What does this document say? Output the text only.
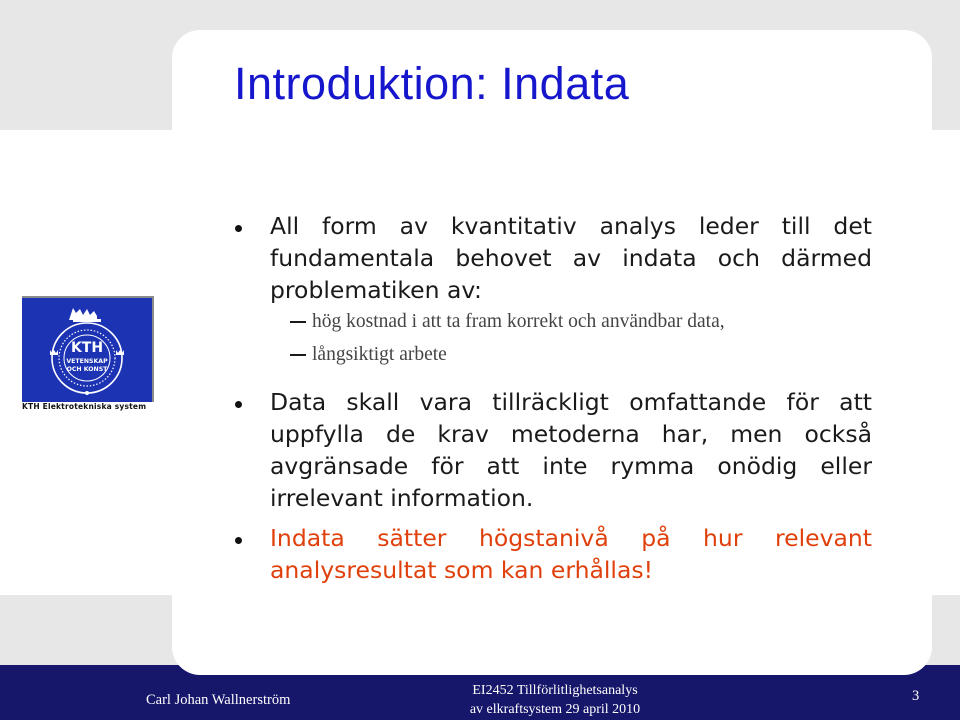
Introduktion: Indata
KTH
VETENSKAP
OCH KONST
KTH Elektrotekniska system
All form av kvantitativ analys leder till det fundamentala behovet av indata och därmed problematiken av:
hög kostnad i att ta fram korrekt och användbar data,
långsiktigt arbete
Data skall vara tillräckligt omfattande för att uppfylla de krav metoderna har, men också avgränsade för att inte rymma onödig eller irrelevant information.
Indata sätter högstanivå på hur relevant analysresultat som kan erhållas!
Carl Johan Wallnerström
EI2452 Tillförlitlighetsanalys
av elkraftsystem 29 april 2010
3
